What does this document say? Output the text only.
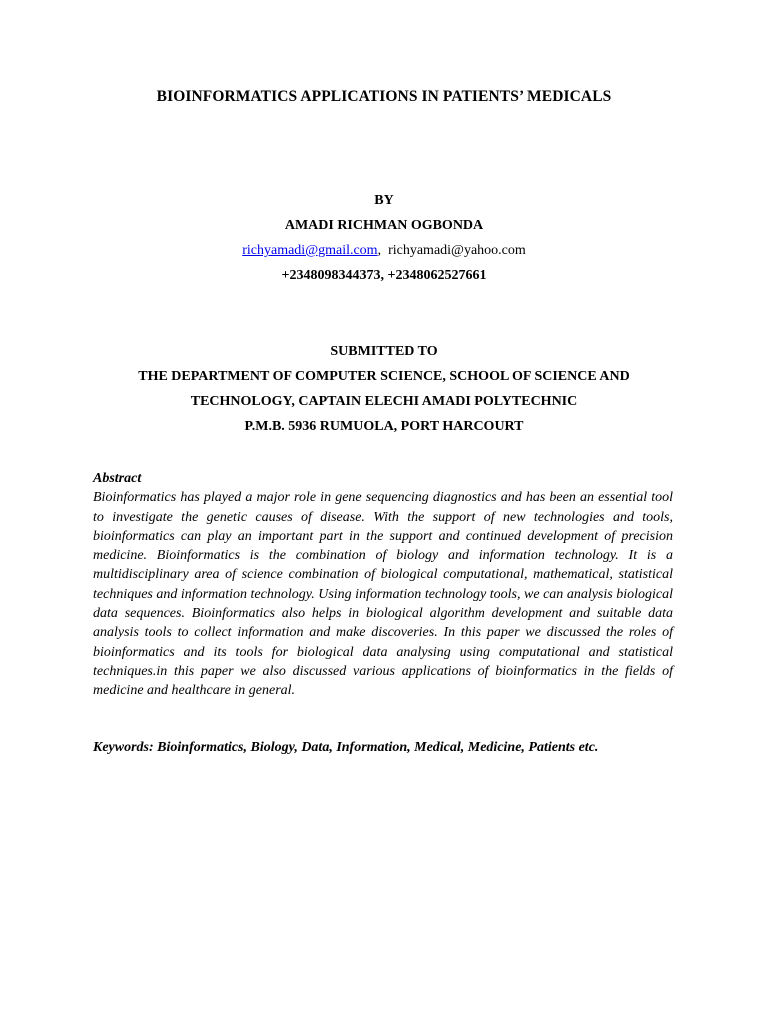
BIOINFORMATICS APPLICATIONS IN PATIENTS’ MEDICALS
BY
AMADI RICHMAN OGBONDA
richyamadi@gmail.com,  richyamadi@yahoo.com
+2348098344373, +2348062527661
SUBMITTED TO
THE DEPARTMENT OF COMPUTER SCIENCE, SCHOOL OF SCIENCE AND
TECHNOLOGY, CAPTAIN ELECHI AMADI POLYTECHNIC
P.M.B. 5936 RUMUOLA, PORT HARCOURT
Abstract
Bioinformatics has played a major role in gene sequencing diagnostics and has been an essential tool to investigate the genetic causes of disease. With the support of new technologies and tools, bioinformatics can play an important part in the support and continued development of precision medicine. Bioinformatics is the combination of biology and information technology. It is a multidisciplinary area of science combination of biological computational, mathematical, statistical techniques and information technology. Using information technology tools, we can analysis biological data sequences. Bioinformatics also helps in biological algorithm development and suitable data analysis tools to collect information and make discoveries. In this paper we discussed the roles of bioinformatics and its tools for biological data analysing using computational and statistical techniques.in this paper we also discussed various applications of bioinformatics in the fields of medicine and healthcare in general.
Keywords: Bioinformatics, Biology, Data, Information, Medical, Medicine, Patients etc.
